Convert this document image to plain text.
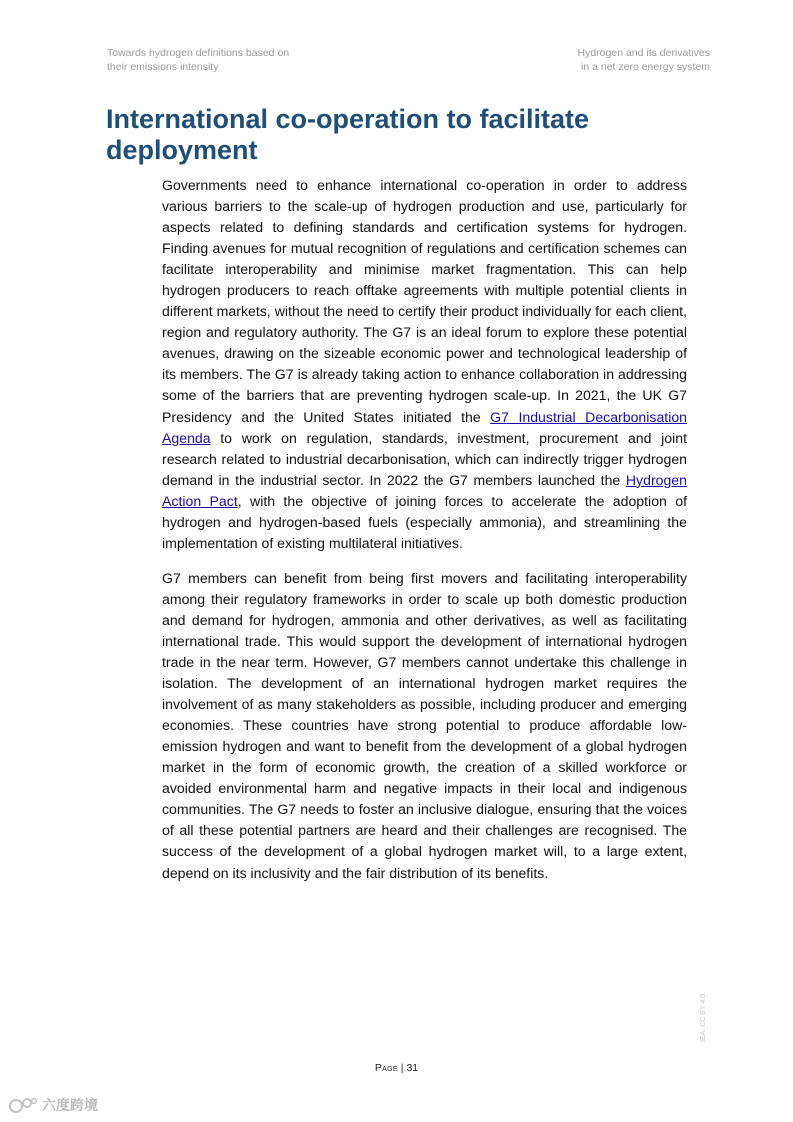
Towards hydrogen definitions based on
their emissions intensity
Hydrogen and its derivatives
in a net zero energy system
International co-operation to facilitate
deployment

Governments need to enhance international co-operation in order to address various barriers to the scale-up of hydrogen production and use, particularly for aspects related to defining standards and certification systems for hydrogen. Finding avenues for mutual recognition of regulations and certification schemes can facilitate interoperability and minimise market fragmentation. This can help hydrogen producers to reach offtake agreements with multiple potential clients in different markets, without the need to certify their product individually for each client, region and regulatory authority. The G7 is an ideal forum to explore these potential avenues, drawing on the sizeable economic power and technological leadership of its members. The G7 is already taking action to enhance collaboration in addressing some of the barriers that are preventing hydrogen scale-up. In 2021, the UK G7 Presidency and the United States initiated the G7 Industrial Decarbonisation Agenda to work on regulation, standards, investment, procurement and joint research related to industrial decarbonisation, which can indirectly trigger hydrogen demand in the industrial sector. In 2022 the G7 members launched the Hydrogen Action Pact, with the objective of joining forces to accelerate the adoption of hydrogen and hydrogen-based fuels (especially ammonia), and streamlining the implementation of existing multilateral initiatives.

G7 members can benefit from being first movers and facilitating interoperability among their regulatory frameworks in order to scale up both domestic production and demand for hydrogen, ammonia and other derivatives, as well as facilitating international trade. This would support the development of international hydrogen trade in the near term. However, G7 members cannot undertake this challenge in isolation. The development of an international hydrogen market requires the involvement of as many stakeholders as possible, including producer and emerging economies. These countries have strong potential to produce affordable low-emission hydrogen and want to benefit from the development of a global hydrogen market in the form of economic growth, the creation of a skilled workforce or avoided environmental harm and negative impacts in their local and indigenous communities. The G7 needs to foster an inclusive dialogue, ensuring that the voices of all these potential partners are heard and their challenges are recognised. The success of the development of a global hydrogen market will, to a large extent, depend on its inclusivity and the fair distribution of its benefits.

Page | 31
IEA. CC BY 4.0.
六度跨境
